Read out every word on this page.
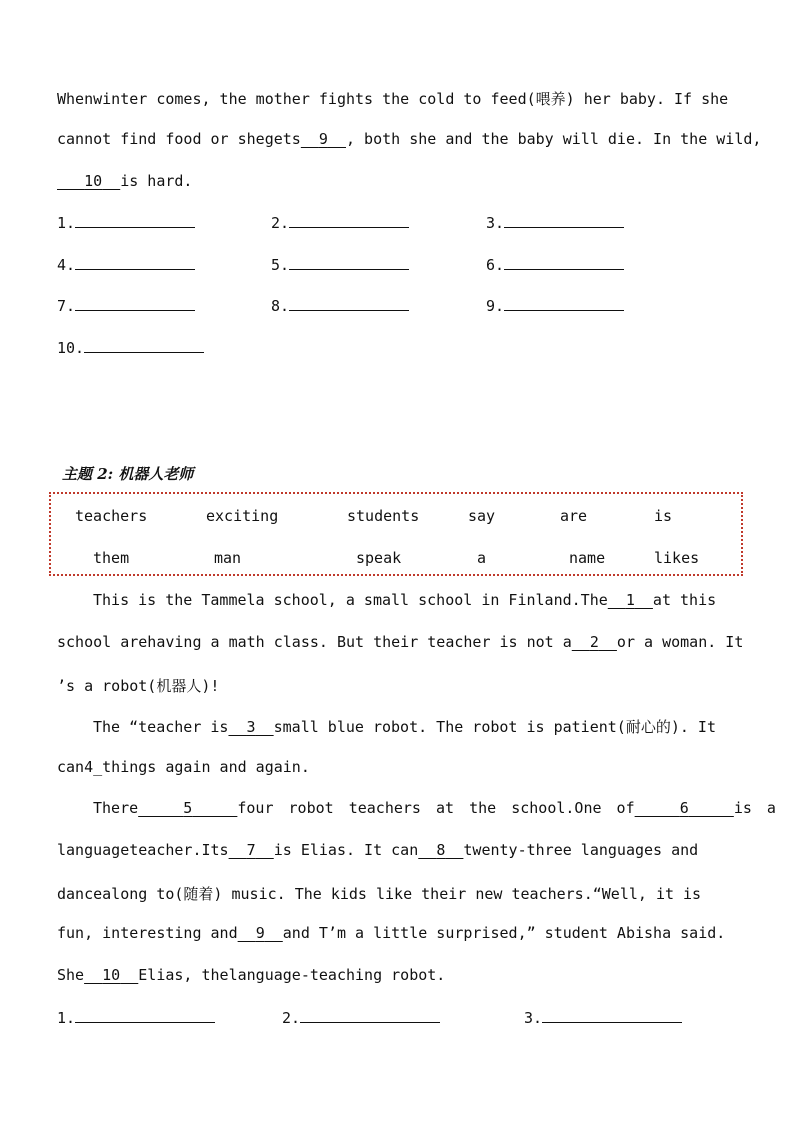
Whenwinter comes, the mother fights the cold to feed(喂养) her baby. If she
cannot find food or shegets 9 , both she and the baby will die. In the wild,
10 is hard.
1.	2.	3.
4.	5.	6.
7.	8.	9.
10.
主题 2: 机器人老师
teachers	exciting	students	say	are	is
them	man	speak	a	name	likes
This is the Tammela school, a small school in Finland.The 1 at this
school arehaving a math class. But their teacher is not a 2 or a woman. It
’s a robot(机器人)!
The “teacher is 3 small blue robot. The robot is patient(耐心的). It
can4_things again and again.
There	5	four robot teachers at the school.One of	6	is a
languageteacher.Its 7 is Elias. It can 8 twenty-three languages and
dancealong to(随着) music. The kids like their new teachers.“Well, it is
fun, interesting and 9 and T’m a little surprised,” student Abisha said.
She 10 Elias, thelanguage-teaching robot.
1.	2.	3.
